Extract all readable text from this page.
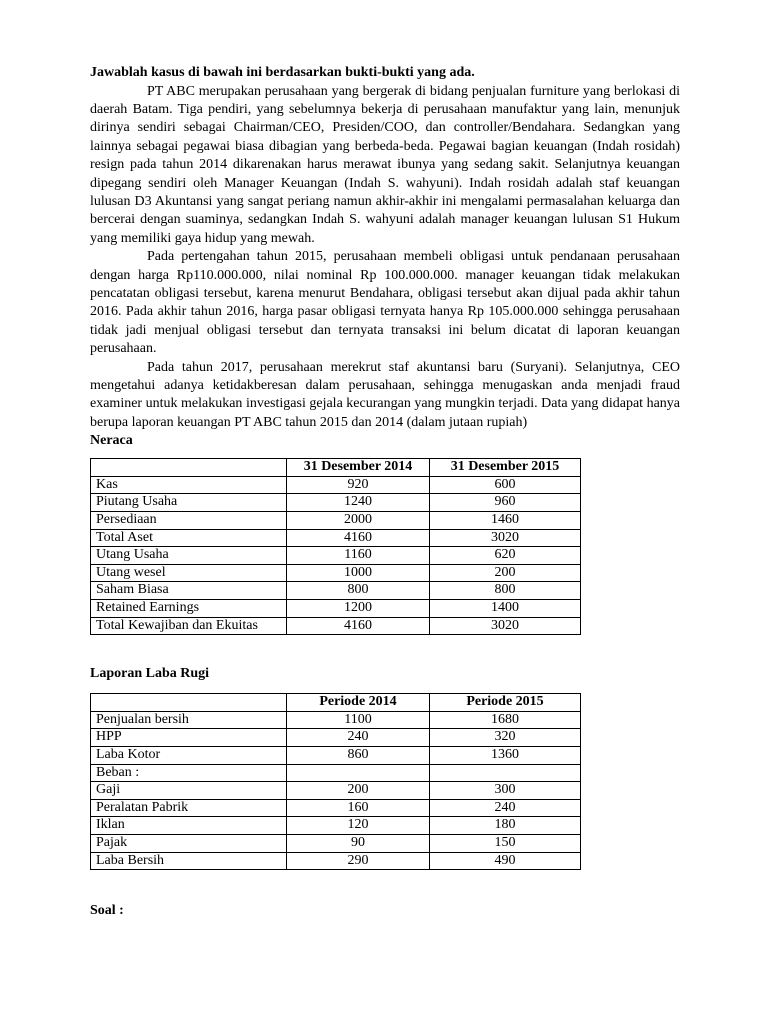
Jawablah kasus di bawah ini berdasarkan bukti-bukti yang ada.

PT ABC merupakan perusahaan yang bergerak di bidang penjualan furniture yang berlokasi di daerah Batam. Tiga pendiri, yang sebelumnya bekerja di perusahaan manufaktur yang lain, menunjuk dirinya sendiri sebagai Chairman/CEO, Presiden/COO, dan controller/Bendahara. Sedangkan yang lainnya sebagai pegawai biasa dibagian yang berbeda-beda. Pegawai bagian keuangan (Indah rosidah) resign pada tahun 2014 dikarenakan harus merawat ibunya yang sedang sakit. Selanjutnya keuangan dipegang sendiri oleh Manager Keuangan (Indah S. wahyuni). Indah rosidah adalah staf keuangan lulusan D3 Akuntansi yang sangat periang namun akhir-akhir ini mengalami permasalahan keluarga dan bercerai dengan suaminya, sedangkan Indah S. wahyuni adalah manager keuangan lulusan S1 Hukum yang memiliki gaya hidup yang mewah.

Pada pertengahan tahun 2015, perusahaan membeli obligasi untuk pendanaan perusahaan dengan harga Rp110.000.000, nilai nominal Rp 100.000.000. manager keuangan tidak melakukan pencatatan obligasi tersebut, karena menurut Bendahara, obligasi tersebut akan dijual pada akhir tahun 2016. Pada akhir tahun 2016, harga pasar obligasi ternyata hanya Rp 105.000.000 sehingga perusahaan tidak jadi menjual obligasi tersebut dan ternyata transaksi ini belum dicatat di laporan keuangan perusahaan.

Pada tahun 2017, perusahaan merekrut staf akuntansi baru (Suryani). Selanjutnya, CEO mengetahui adanya ketidakberesan dalam perusahaan, sehingga menugaskan anda menjadi fraud examiner untuk melakukan investigasi gejala kecurangan yang mungkin terjadi. Data yang didapat hanya berupa laporan keuangan PT ABC tahun 2015 dan 2014 (dalam jutaan rupiah)

Neraca

	31 Desember 2014	31 Desember 2015
Kas	920	600
Piutang Usaha	1240	960
Persediaan	2000	1460
Total Aset	4160	3020
Utang Usaha	1160	620
Utang wesel	1000	200
Saham Biasa	800	800
Retained Earnings	1200	1400
Total Kewajiban dan Ekuitas	4160	3020

Laporan Laba Rugi

	Periode 2014	Periode 2015
Penjualan bersih	1100	1680
HPP	240	320
Laba Kotor	860	1360
Beban :		
Gaji	200	300
Peralatan Pabrik	160	240
Iklan	120	180
Pajak	90	150
Laba Bersih	290	490

Soal :
